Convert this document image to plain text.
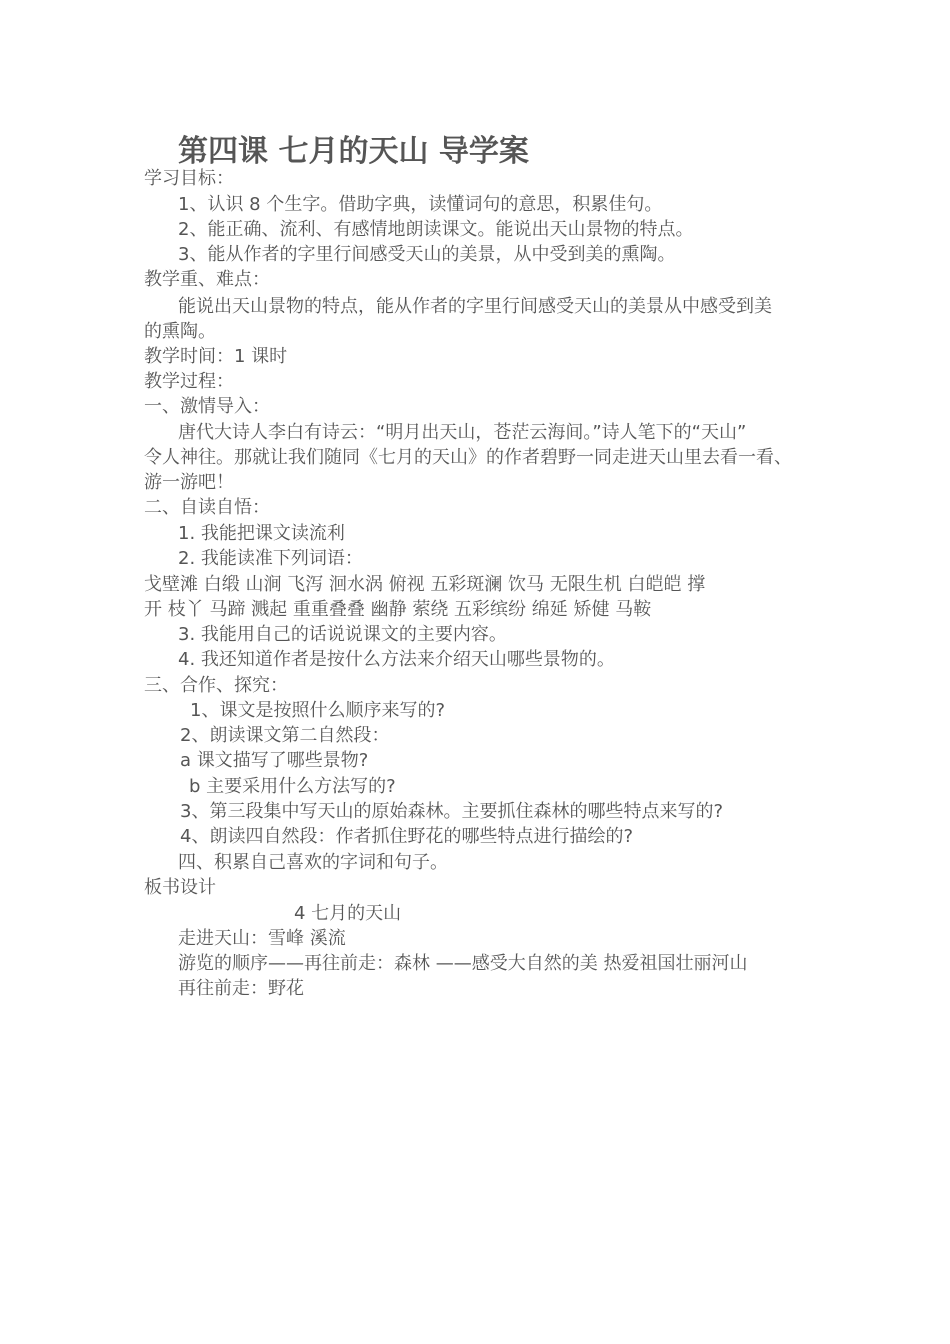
第四课 七月的天山 导学案
学习目标：
1、认识 8 个生字。借助字典，读懂词句的意思，积累佳句。
2、能正确、流利、有感情地朗读课文。能说出天山景物的特点。
3、能从作者的字里行间感受天山的美景，从中受到美的熏陶。
教学重、难点：
能说出天山景物的特点，能从作者的字里行间感受天山的美景从中感受到美
的熏陶。
教学时间：1 课时
教学过程：
一、激情导入：
唐代大诗人李白有诗云：“明月出天山，苍茫云海间。”诗人笔下的“天山”
令人神往。那就让我们随同《七月的天山》的作者碧野一同走进天山里去看一看、
游一游吧！
二、自读自悟：
1. 我能把课文读流利
2. 我能读准下列词语：
戈壁滩 白缎 山涧 飞泻 洄水涡 俯视 五彩斑澜 饮马 无限生机 白皑皑 撑
开 枝丫 马蹄 溅起 重重叠叠 幽静 萦绕 五彩缤纷 绵延 矫健 马鞍
3. 我能用自己的话说说课文的主要内容。
4. 我还知道作者是按什么方法来介绍天山哪些景物的。
三、合作、探究：
1、课文是按照什么顺序来写的?
2、朗读课文第二自然段：
a 课文描写了哪些景物?
b 主要采用什么方法写的?
3、第三段集中写天山的原始森林。主要抓住森林的哪些特点来写的?
4、朗读四自然段：作者抓住野花的哪些特点进行描绘的?
四、积累自己喜欢的字词和句子。
板书设计
4 七月的天山
走进天山：雪峰 溪流
游览的顺序——再往前走：森林 ——感受大自然的美 热爱祖国壮丽河山
再往前走：野花
